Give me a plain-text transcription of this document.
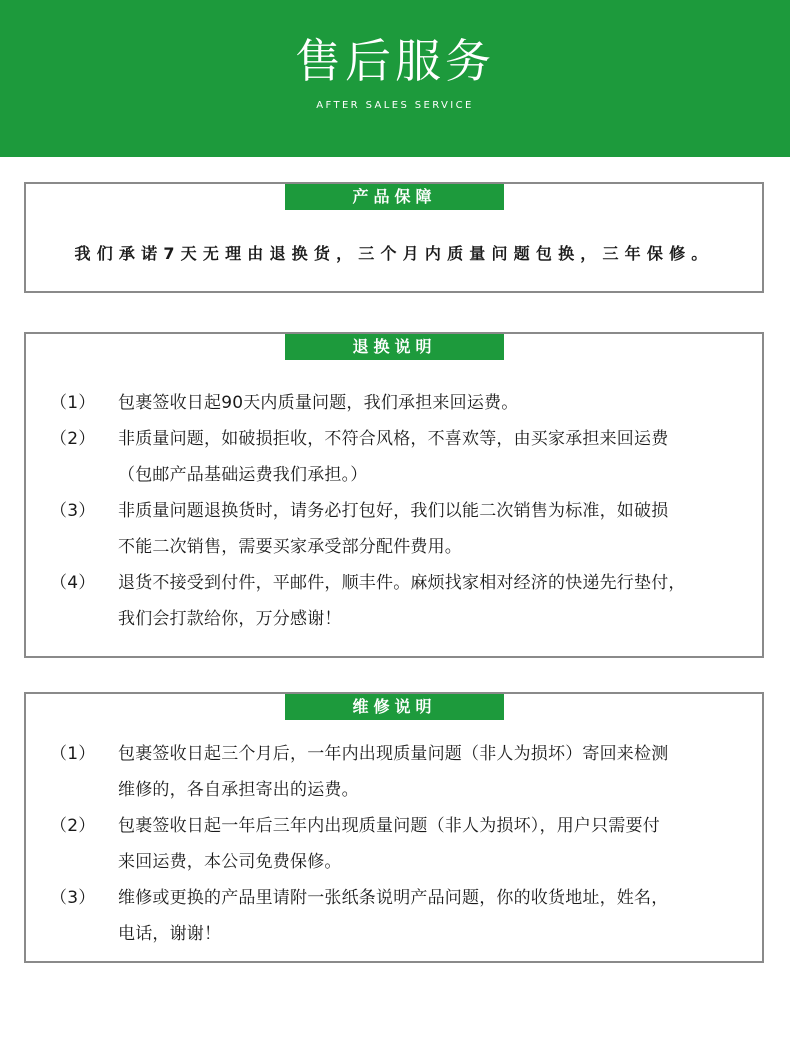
售后服务
AFTER SALES SERVICE
产品保障
我们承诺7天无理由退换货，三个月内质量问题包换，三年保修。
退换说明
（1） 包裹签收日起90天内质量问题，我们承担来回运费。
（2） 非质量问题，如破损拒收，不符合风格，不喜欢等，由买家承担来回运费
（包邮产品基础运费我们承担。）
（3） 非质量问题退换货时，请务必打包好，我们以能二次销售为标准，如破损
不能二次销售，需要买家承受部分配件费用。
（4） 退货不接受到付件，平邮件，顺丰件。麻烦找家相对经济的快递先行垫付，
我们会打款给你，万分感谢！
维修说明
（1） 包裹签收日起三个月后，一年内出现质量问题（非人为损坏）寄回来检测
维修的，各自承担寄出的运费。
（2） 包裹签收日起一年后三年内出现质量问题（非人为损坏），用户只需要付
来回运费，本公司免费保修。
（3） 维修或更换的产品里请附一张纸条说明产品问题，你的收货地址，姓名，
电话，谢谢！
